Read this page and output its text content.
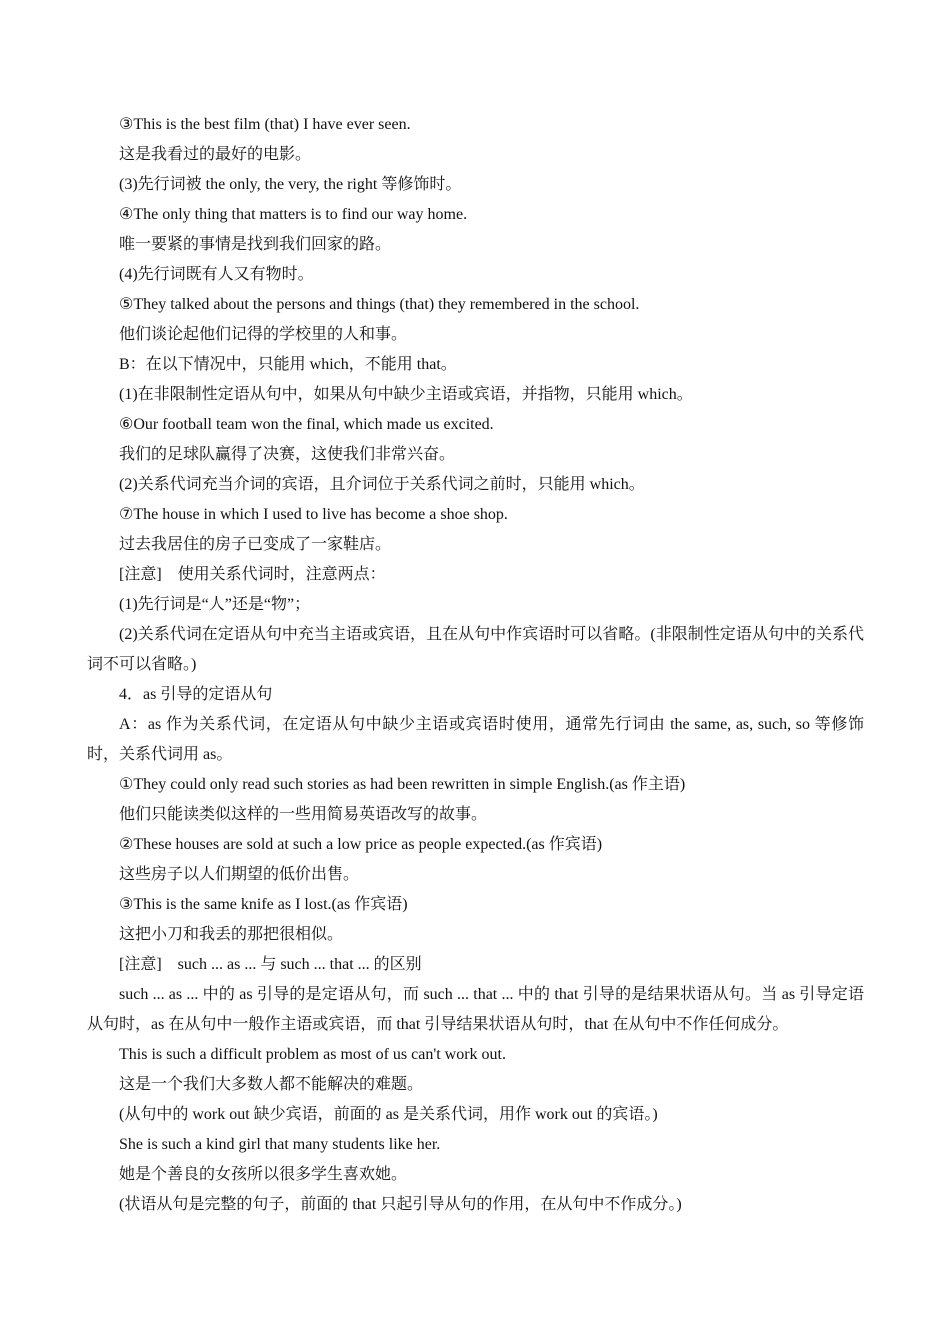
③This is the best film (that) I have ever seen.

这是我看过的最好的电影。

(3)先行词被 the only, the very, the right 等修饰时。

④The only thing that matters is to find our way home.

唯一要紧的事情是找到我们回家的路。

(4)先行词既有人又有物时。

⑤They talked about the persons and things (that) they remembered in the school.

他们谈论起他们记得的学校里的人和事。

B：在以下情况中，只能用 which，不能用 that。

(1)在非限制性定语从句中，如果从句中缺少主语或宾语，并指物，只能用 which。

⑥Our football team won the final, which made us excited.

我们的足球队赢得了决赛，这使我们非常兴奋。

(2)关系代词充当介词的宾语，且介词位于关系代词之前时，只能用 which。

⑦The house in which I used to live has become a shoe shop.

过去我居住的房子已变成了一家鞋店。

[注意]　使用关系代词时，注意两点：

(1)先行词是“人”还是“物”；

(2)关系代词在定语从句中充当主语或宾语，且在从句中作宾语时可以省略。(非限制性定语从句中的关系代词不可以省略。)

4．as 引导的定语从句

A：as 作为关系代词，在定语从句中缺少主语或宾语时使用，通常先行词由 the same, as, such, so 等修饰时，关系代词用 as。

①They could only read such stories as had been rewritten in simple English.(as 作主语)

他们只能读类似这样的一些用简易英语改写的故事。

②These houses are sold at such a low price as people expected.(as 作宾语)

这些房子以人们期望的低价出售。

③This is the same knife as I lost.(as 作宾语)

这把小刀和我丢的那把很相似。

[注意]　such ... as ... 与 such ... that ... 的区别

such ... as ... 中的 as 引导的是定语从句，而 such ... that ... 中的 that 引导的是结果状语从句。当 as 引导定语从句时，as 在从句中一般作主语或宾语，而 that 引导结果状语从句时，that 在从句中不作任何成分。

This is such a difficult problem as most of us can't work out.

这是一个我们大多数人都不能解决的难题。

(从句中的 work out 缺少宾语，前面的 as 是关系代词，用作 work out 的宾语。)

She is such a kind girl that many students like her.

她是个善良的女孩所以很多学生喜欢她。

(状语从句是完整的句子，前面的 that 只起引导从句的作用，在从句中不作成分。)
